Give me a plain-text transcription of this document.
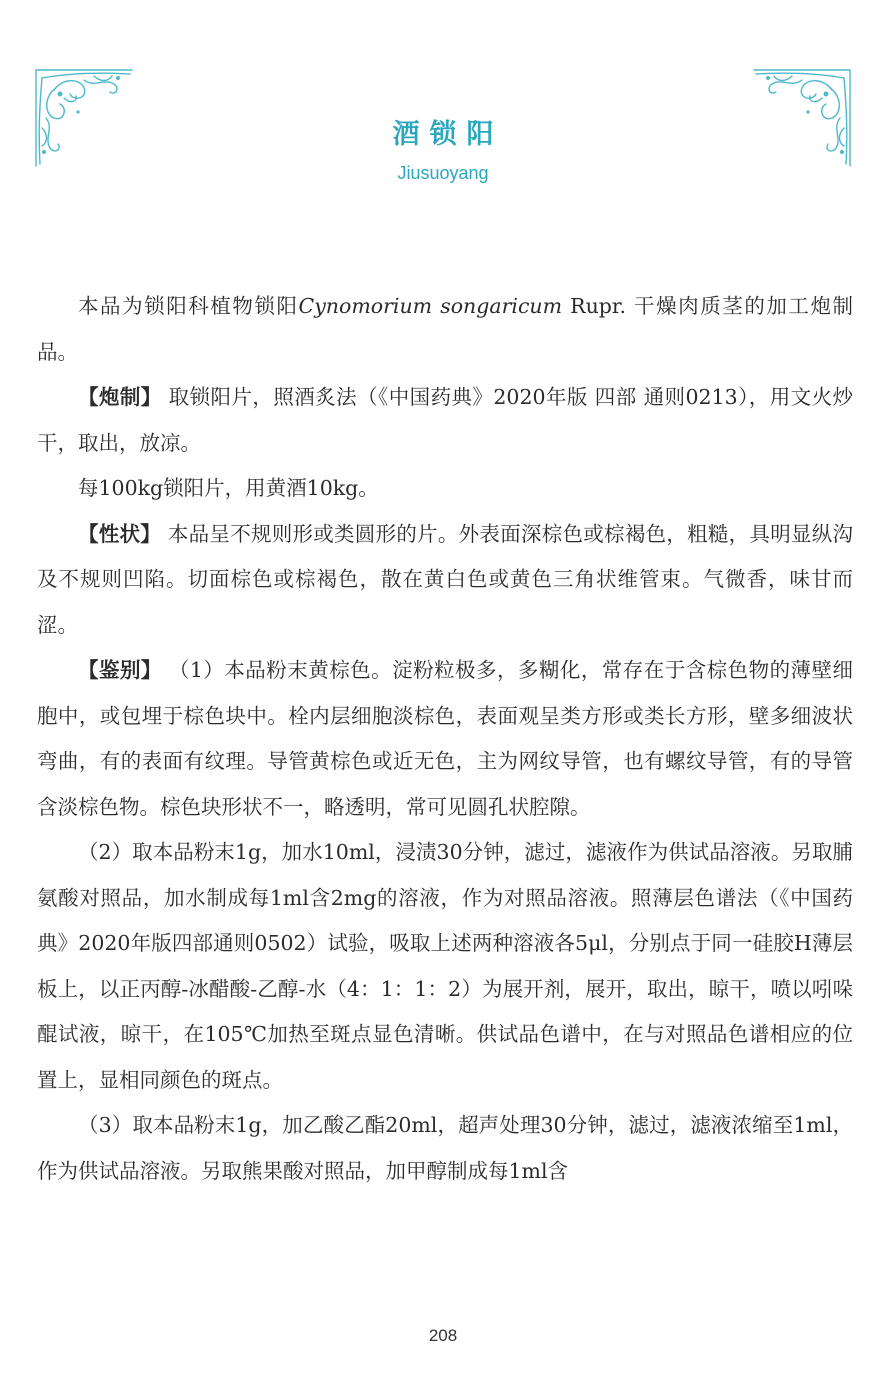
酒锁阳
Jiusuoyang

本品为锁阳科植物锁阳Cynomorium songaricum Rupr. 干燥肉质茎的加工炮制品。

【炮制】 取锁阳片，照酒炙法（《中国药典》2020年版 四部 通则0213），用文火炒干，取出，放凉。

每100kg锁阳片，用黄酒10kg。

【性状】 本品呈不规则形或类圆形的片。外表面深棕色或棕褐色，粗糙，具明显纵沟及不规则凹陷。切面棕色或棕褐色，散在黄白色或黄色三角状维管束。气微香，味甘而涩。

【鉴别】 （1）本品粉末黄棕色。淀粉粒极多，多糊化，常存在于含棕色物的薄壁细胞中，或包埋于棕色块中。栓内层细胞淡棕色，表面观呈类方形或类长方形，壁多细波状弯曲，有的表面有纹理。导管黄棕色或近无色，主为网纹导管，也有螺纹导管，有的导管含淡棕色物。棕色块形状不一，略透明，常可见圆孔状腔隙。

（2）取本品粉末1g，加水10ml，浸渍30分钟，滤过，滤液作为供试品溶液。另取脯氨酸对照品，加水制成每1ml含2mg的溶液，作为对照品溶液。照薄层色谱法（《中国药典》2020年版四部通则0502）试验，吸取上述两种溶液各5μl，分别点于同一硅胶H薄层板上，以正丙醇-冰醋酸-乙醇-水（4：1：1：2）为展开剂，展开，取出，晾干，喷以吲哚醌试液，晾干，在105℃加热至斑点显色清晰。供试品色谱中，在与对照品色谱相应的位置上，显相同颜色的斑点。

（3）取本品粉末1g，加乙酸乙酯20ml，超声处理30分钟，滤过，滤液浓缩至1ml，作为供试品溶液。另取熊果酸对照品，加甲醇制成每1ml含

208
